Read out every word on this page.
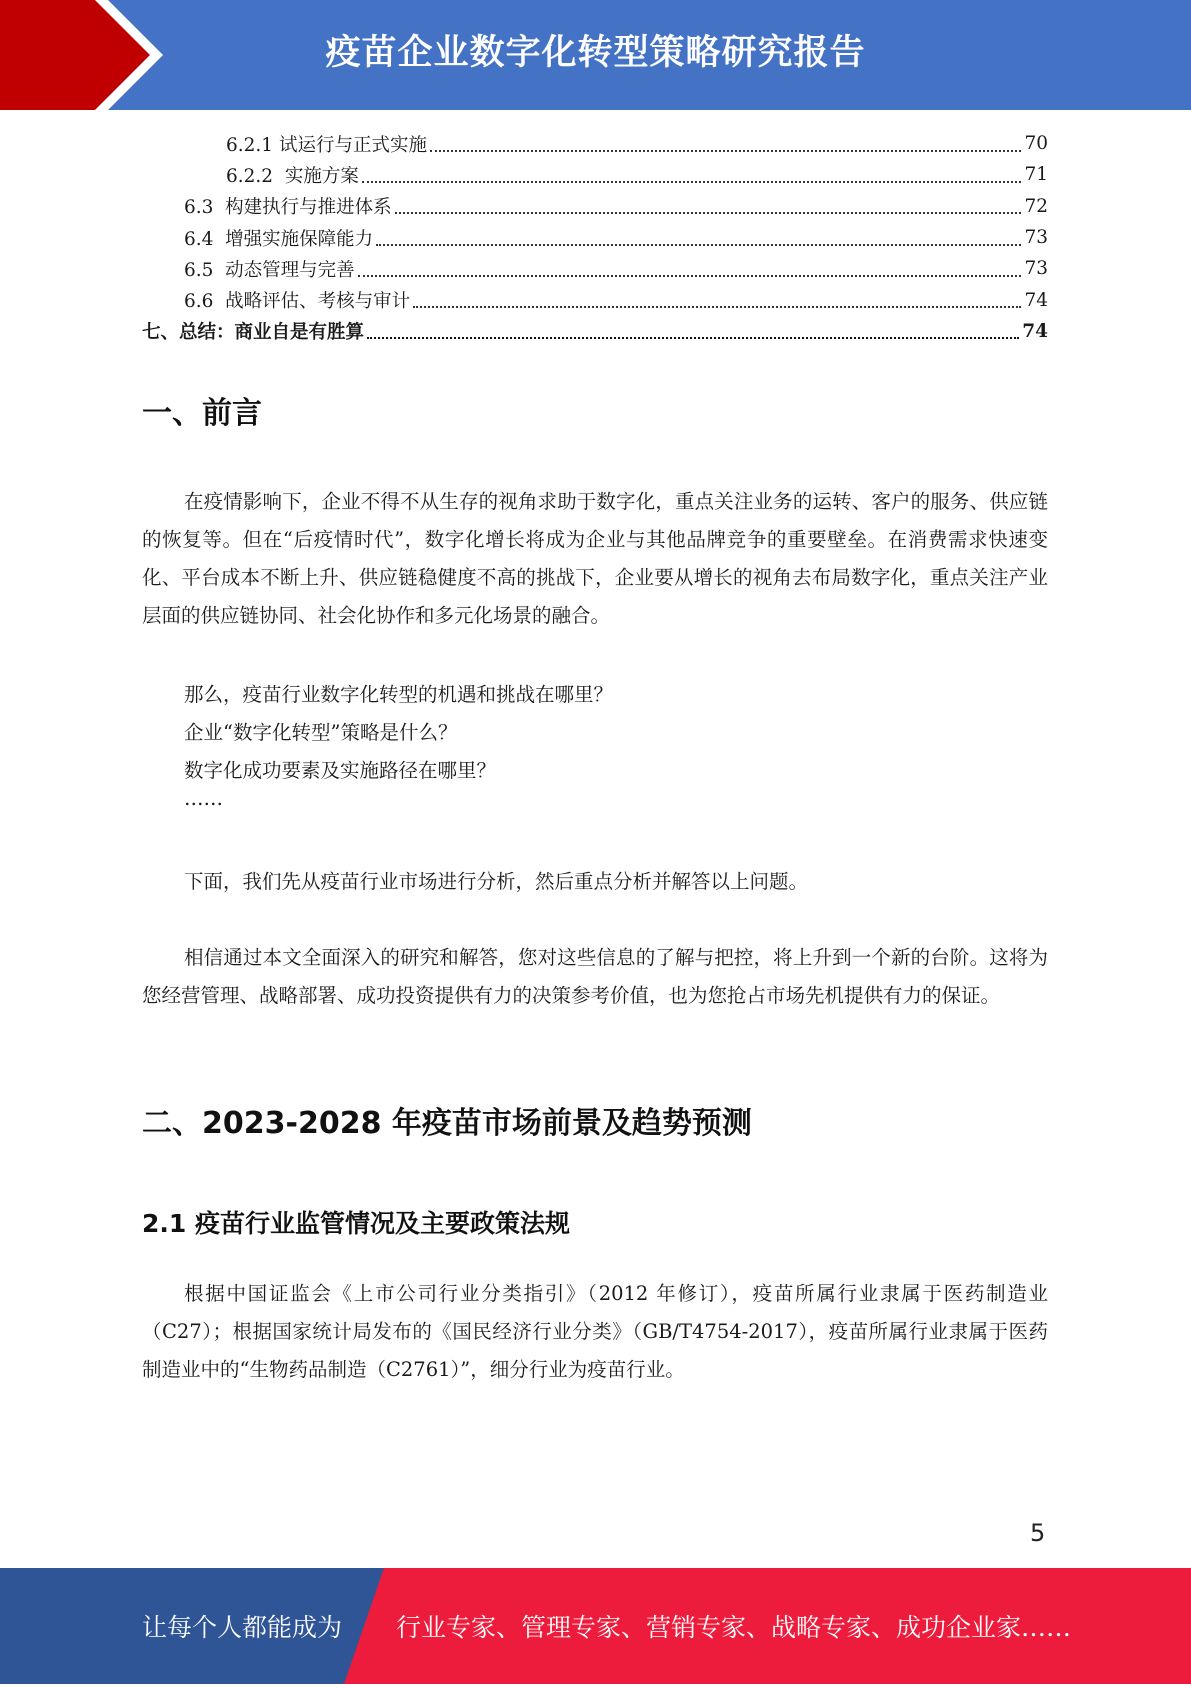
疫苗企业数字化转型策略研究报告
6.2.1 试运行与正式实施	70
6.2.2  实施方案	71
6.3  构建执行与推进体系	72
6.4  增强实施保障能力	73
6.5  动态管理与完善	73
6.6  战略评估、考核与审计	74
七、总结：商业自是有胜算	74
一、前言

在疫情影响下，企业不得不从生存的视角求助于数字化，重点关注业务的运转、客户的服务、供应链的恢复等。但在“后疫情时代”，数字化增长将成为企业与其他品牌竞争的重要壁垒。在消费需求快速变化、平台成本不断上升、供应链稳健度不高的挑战下，企业要从增长的视角去布局数字化，重点关注产业层面的供应链协同、社会化协作和多元化场景的融合。

那么，疫苗行业数字化转型的机遇和挑战在哪里？
企业“数字化转型”策略是什么？
数字化成功要素及实施路径在哪里？
……

下面，我们先从疫苗行业市场进行分析，然后重点分析并解答以上问题。

相信通过本文全面深入的研究和解答，您对这些信息的了解与把控，将上升到一个新的台阶。这将为您经营管理、战略部署、成功投资提供有力的决策参考价值，也为您抢占市场先机提供有力的保证。

二、2023-2028 年疫苗市场前景及趋势预测
2.1 疫苗行业监管情况及主要政策法规

根据中国证监会《上市公司行业分类指引》（2012 年修订），疫苗所属行业隶属于医药制造业（C27）；根据国家统计局发布的《国民经济行业分类》（GB/T4754-2017），疫苗所属行业隶属于医药制造业中的“生物药品制造（C2761）”，细分行业为疫苗行业。

5
让每个人都能成为 行业专家、管理专家、营销专家、战略专家、成功企业家……
